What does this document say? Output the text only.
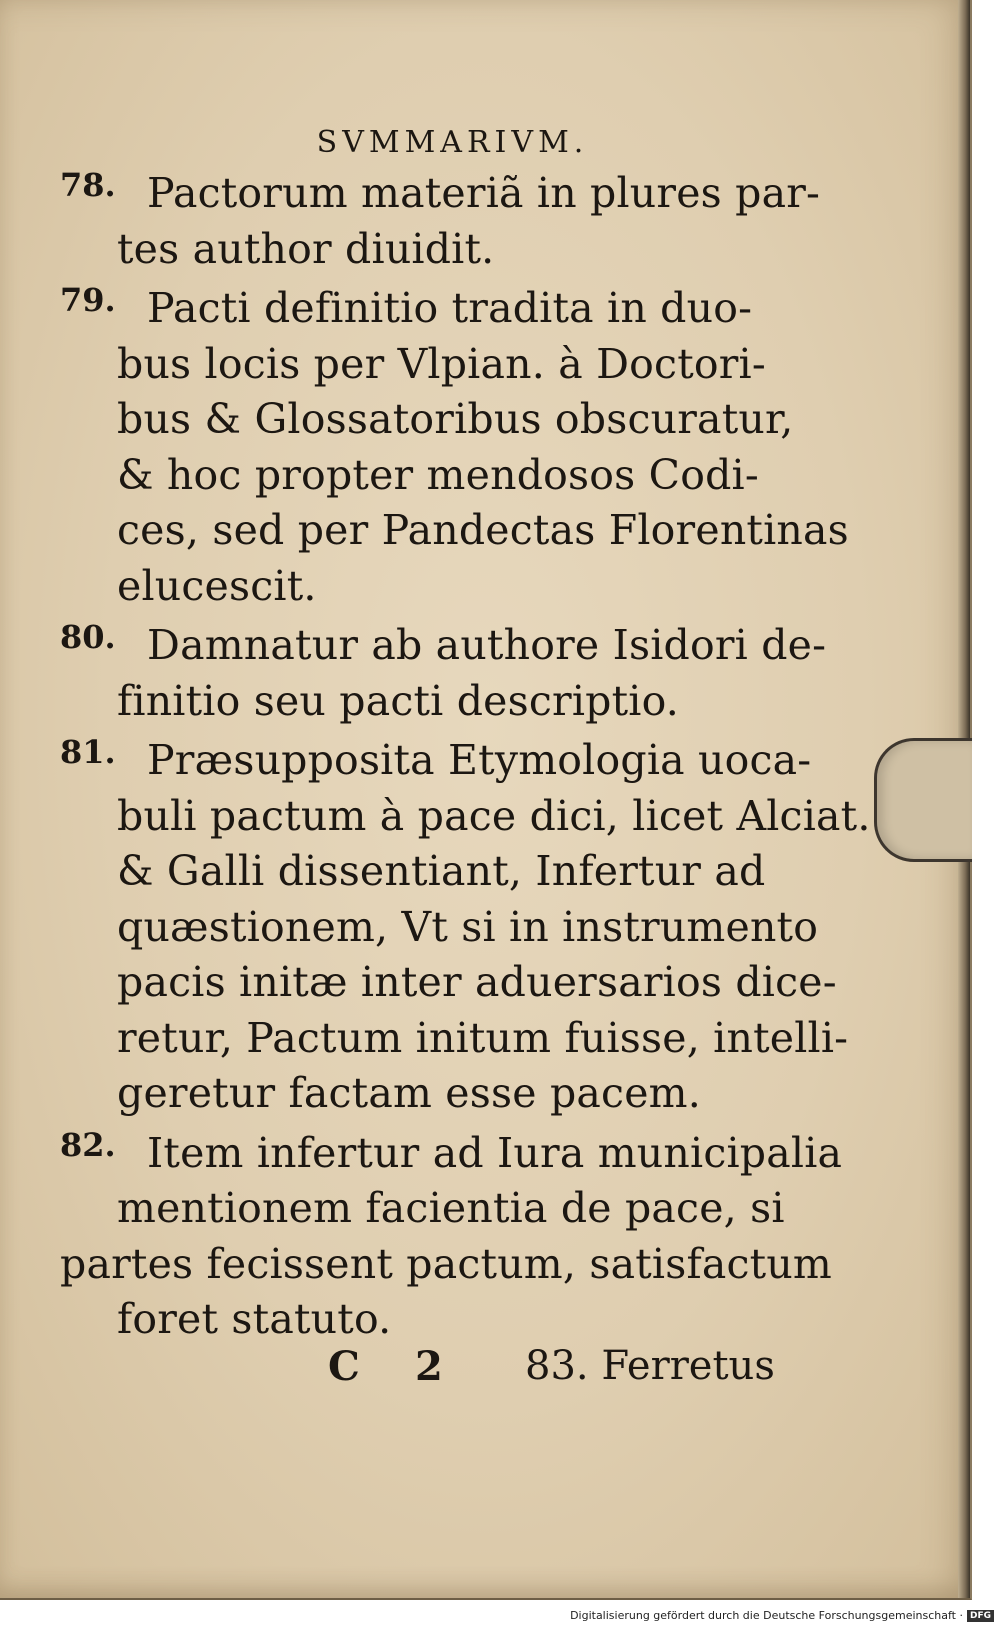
SVMMARIVM.
78. Pactorum materiã in plures par-
tes author diuidit.
79. Pacti definitio tradita in duo-
bus locis per Vlpian. à Doctori-
bus & Glossatoribus obscuratur,
& hoc propter mendosos Codi-
ces, sed per Pandectas Florentinas
elucescit.
80. Damnatur ab authore Isidori de-
finitio seu pacti descriptio.
81. Præsupposita Etymologia uoca-
buli pactum à pace dici, licet Alciat.
& Galli dissentiant, Infertur ad
quæstionem, Vt si in instrumento
pacis initæ inter aduersarios dice-
retur, Pactum initum fuisse, intelli-
geretur factam esse pacem.
82. Item infertur ad Iura municipalia
mentionem facientia de pace, si
partes fecissent pactum, satisfactum
foret statuto.
C 2 83. Ferretus
Digitalisierung gefördert durch die Deutsche Forschungsgemeinschaft · DFG
